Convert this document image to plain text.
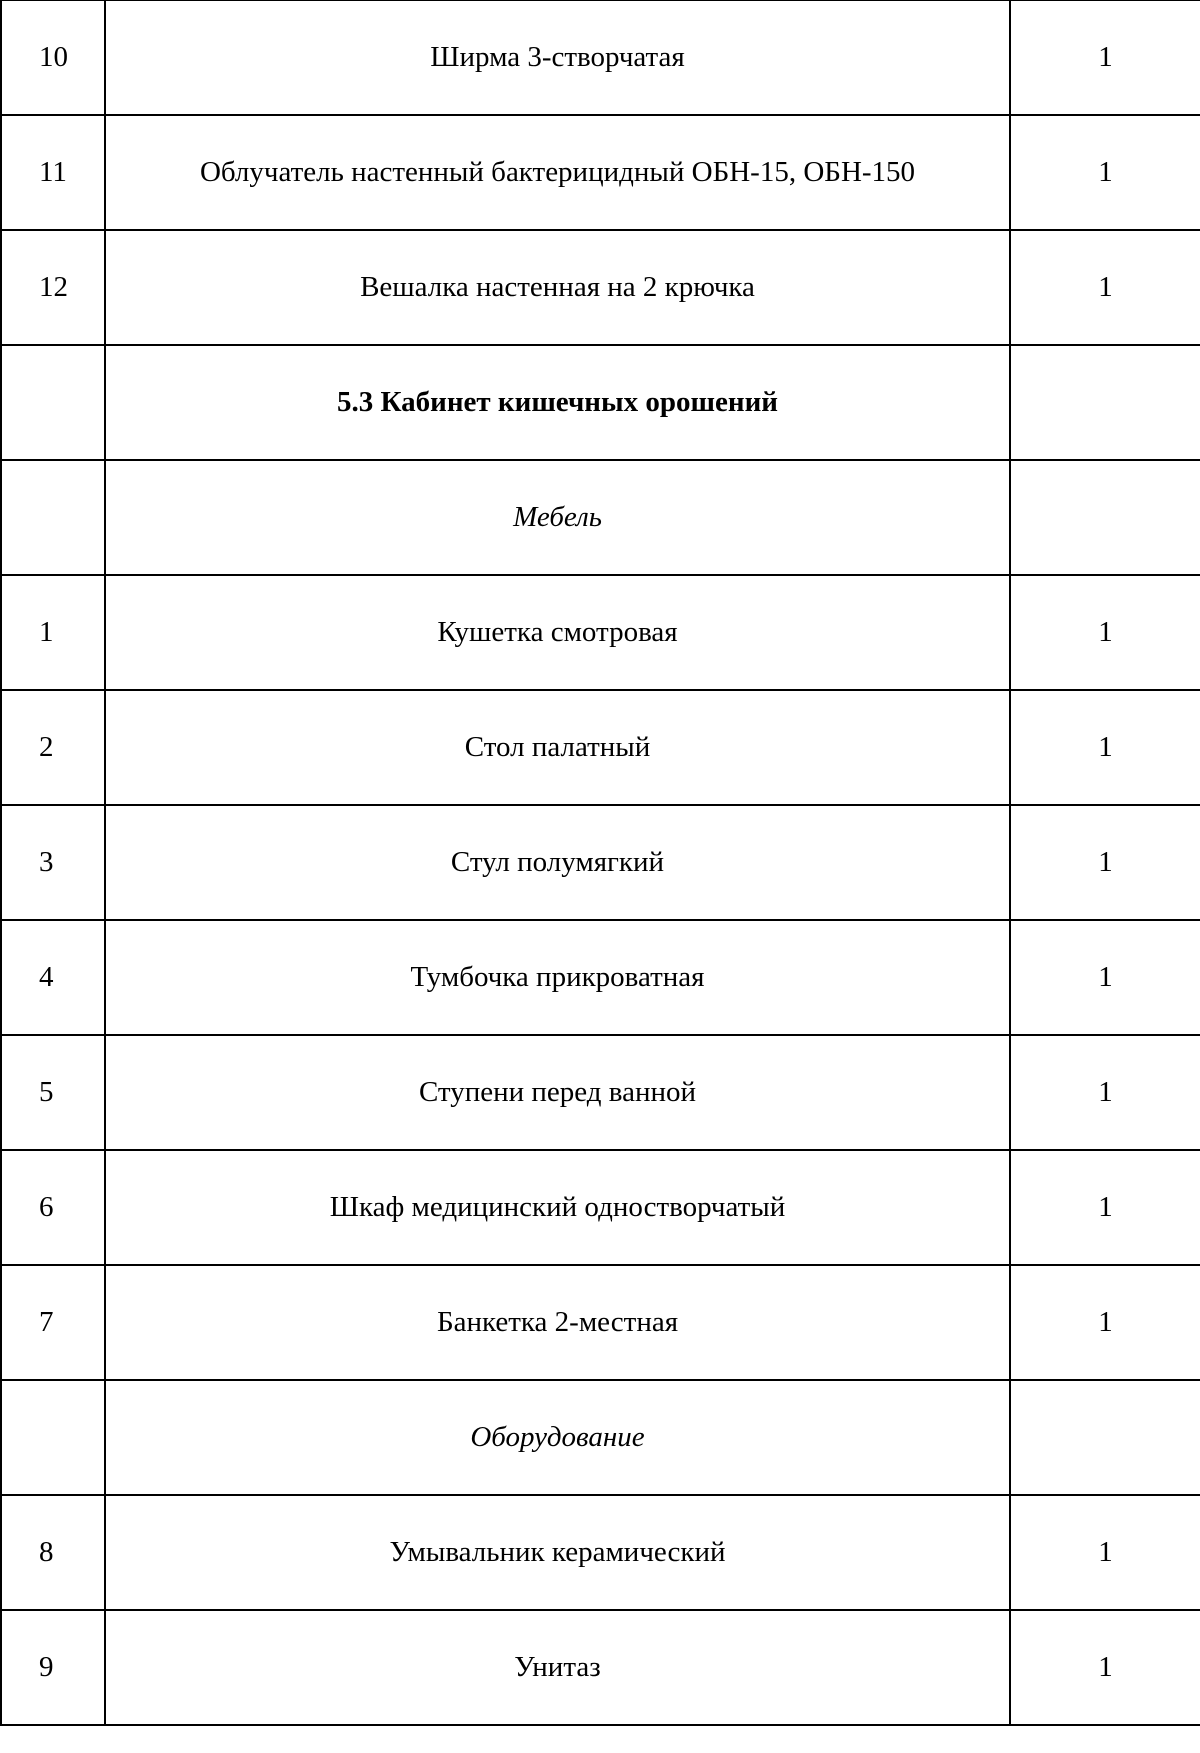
10	Ширма 3-створчатая	1
11	Облучатель настенный бактерицидный ОБН-15, ОБН-150	1
12	Вешалка настенная на 2 крючка	1
	5.3 Кабинет кишечных орошений	
	Мебель	
1	Кушетка смотровая	1
2	Стол палатный	1
3	Стул полумягкий	1
4	Тумбочка прикроватная	1
5	Ступени перед ванной	1
6	Шкаф медицинский одностворчатый	1
7	Банкетка 2-местная	1
	Оборудование	
8	Умывальник керамический	1
9	Унитаз	1
